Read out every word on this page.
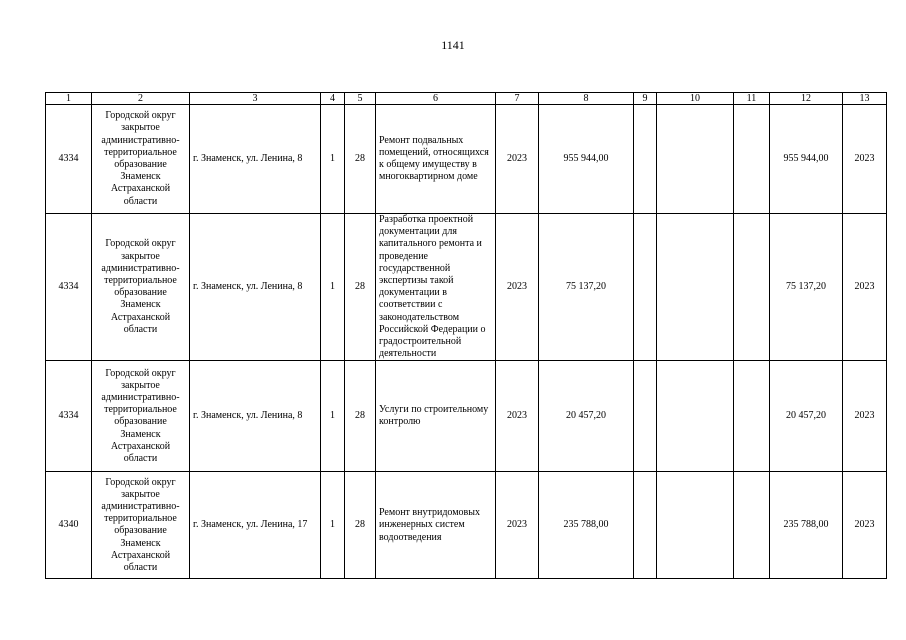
1141
1	2	3	4	5	6	7	8	9	10	11	12	13
4334	Городской округ закрытое административно-территориальное образование Знаменск Астраханской области	г. Знаменск, ул. Ленина, 8	1	28	Ремонт подвальных помещений, относящихся к общему имуществу в многоквартирном доме	2023	955 944,00				955 944,00	2023
4334	Городской округ закрытое административно-территориальное образование Знаменск Астраханской области	г. Знаменск, ул. Ленина, 8	1	28	Разработка проектной документации для капитального ремонта и проведение государственной экспертизы такой документации в соответствии с законодательством Российской Федерации о градостроительной деятельности	2023	75 137,20				75 137,20	2023
4334	Городской округ закрытое административно-территориальное образование Знаменск Астраханской области	г. Знаменск, ул. Ленина, 8	1	28	Услуги по строительному контролю	2023	20 457,20				20 457,20	2023
4340	Городской округ закрытое административно-территориальное образование Знаменск Астраханской области	г. Знаменск, ул. Ленина, 17	1	28	Ремонт внутридомовых инженерных систем водоотведения	2023	235 788,00				235 788,00	2023
